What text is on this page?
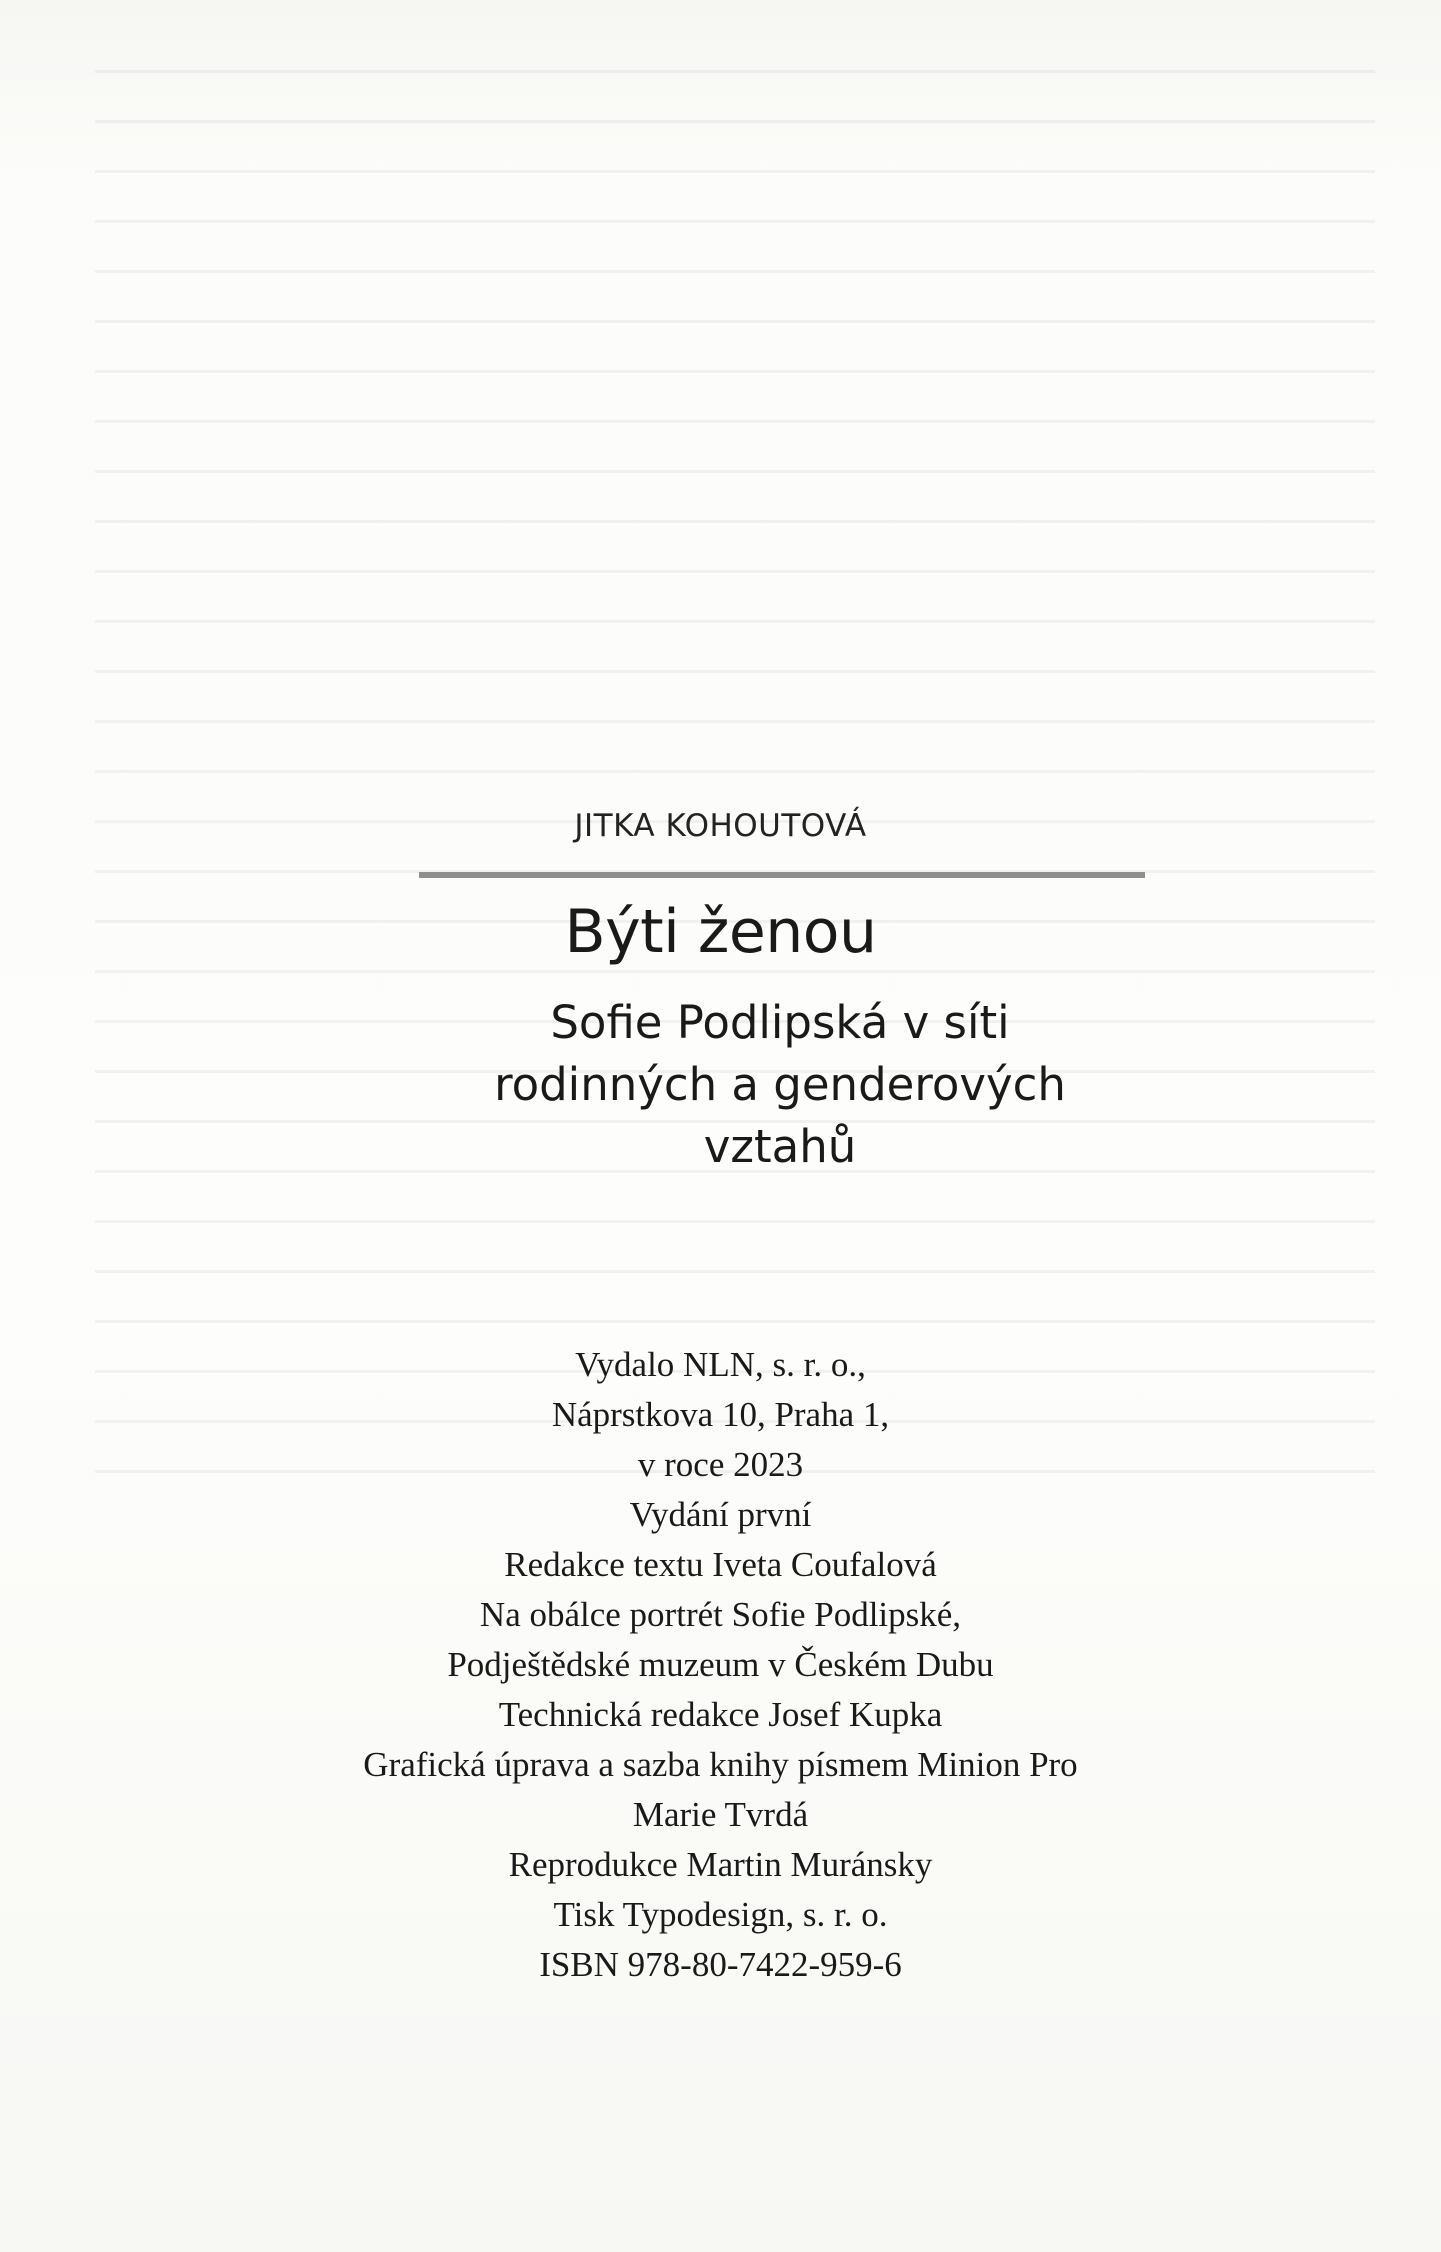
JITKA KOHOUTOVÁ
Býti ženou
Sofie Podlipská v síti
rodinných a genderových
vztahů
Vydalo NLN, s. r. o.,
Náprstkova 10, Praha 1,
v roce 2023
Vydání první
Redakce textu Iveta Coufalová
Na obálce portrét Sofie Podlipské,
Podještědské muzeum v Českém Dubu
Technická redakce Josef Kupka
Grafická úprava a sazba knihy písmem Minion Pro
Marie Tvrdá
Reprodukce Martin Muránsky
Tisk Typodesign, s. r. o.
ISBN 978-80-7422-959-6
